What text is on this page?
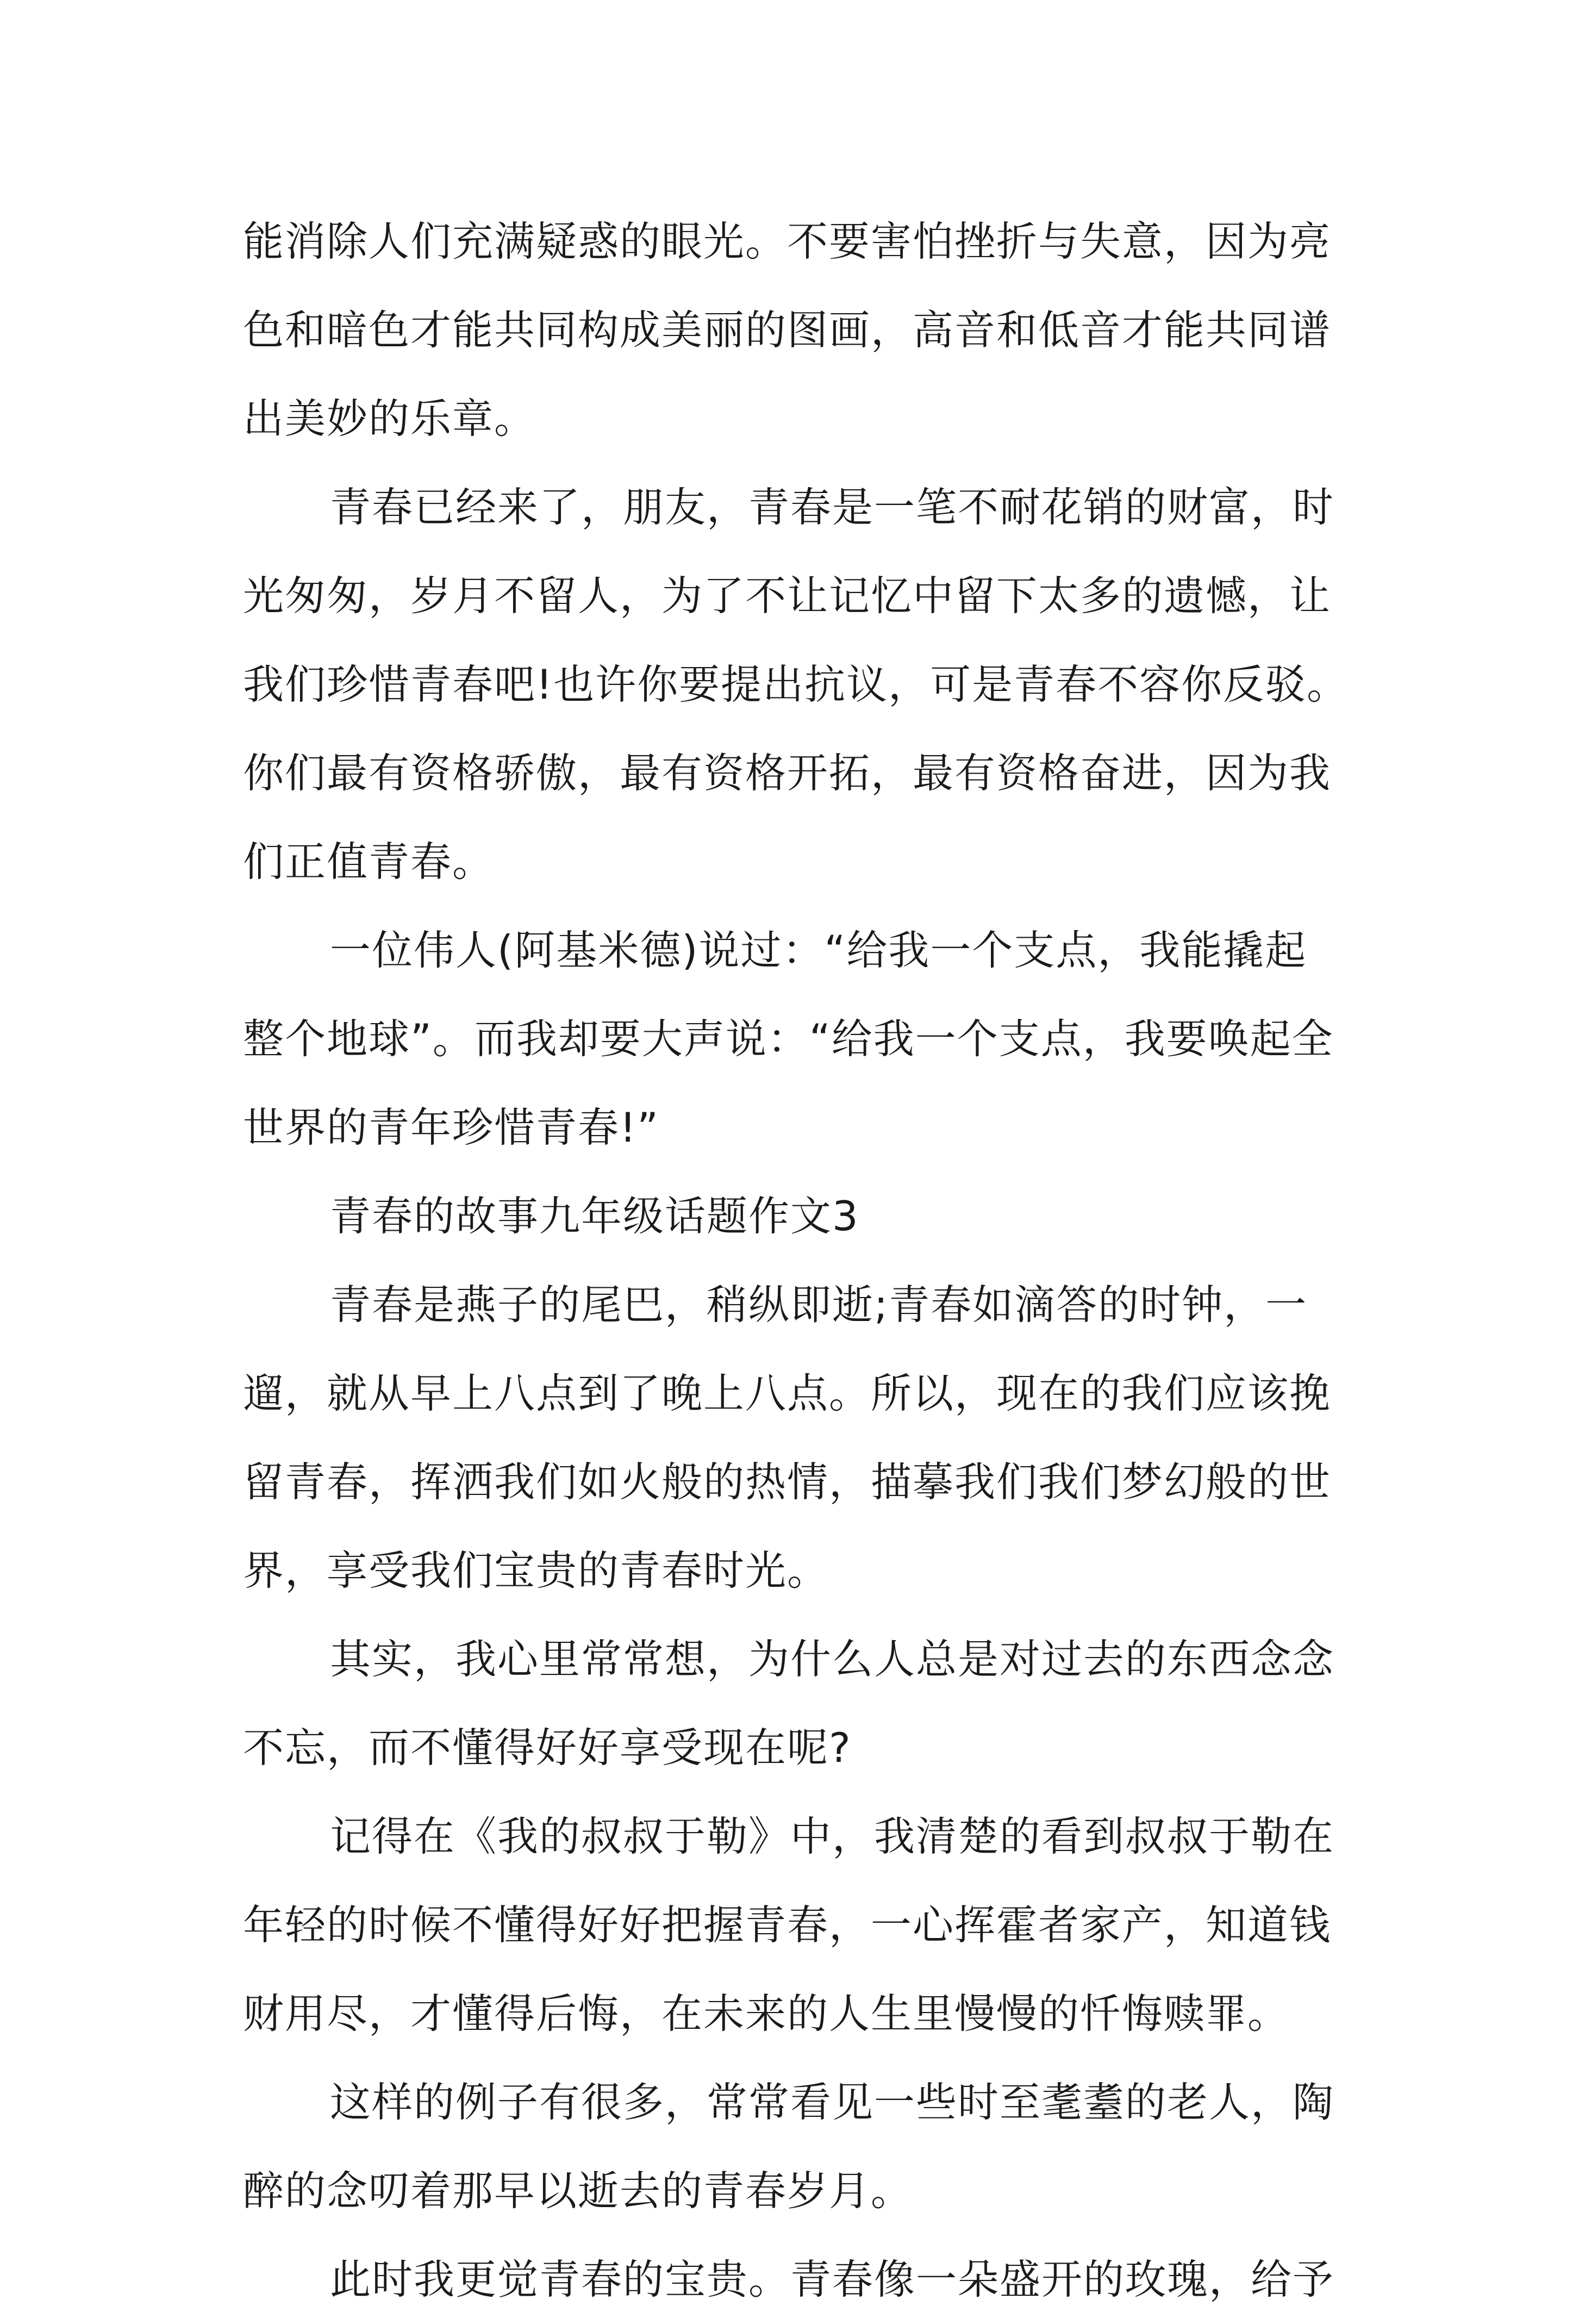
能消除人们充满疑惑的眼光。不要害怕挫折与失意，因为亮
色和暗色才能共同构成美丽的图画，高音和低音才能共同谱
出美妙的乐章。
青春已经来了，朋友，青春是一笔不耐花销的财富，时
光匆匆，岁月不留人，为了不让记忆中留下太多的遗憾，让
我们珍惜青春吧!也许你要提出抗议，可是青春不容你反驳。
你们最有资格骄傲，最有资格开拓，最有资格奋进，因为我
们正值青春。
一位伟人(阿基米德)说过：“给我一个支点，我能撬起
整个地球”。而我却要大声说：“给我一个支点，我要唤起全
世界的青年珍惜青春!”
青春的故事九年级话题作文3
青春是燕子的尾巴，稍纵即逝;青春如滴答的时钟，一
遛，就从早上八点到了晚上八点。所以，现在的我们应该挽
留青春，挥洒我们如火般的热情，描摹我们我们梦幻般的世
界，享受我们宝贵的青春时光。
其实，我心里常常想，为什么人总是对过去的东西念念
不忘，而不懂得好好享受现在呢?
记得在《我的叔叔于勒》中，我清楚的看到叔叔于勒在
年轻的时候不懂得好好把握青春，一心挥霍者家产，知道钱
财用尽，才懂得后悔，在未来的人生里慢慢的忏悔赎罪。
这样的例子有很多，常常看见一些时至耄耋的老人，陶
醉的念叨着那早以逝去的青春岁月。
此时我更觉青春的宝贵。青春像一朵盛开的玫瑰，给予
